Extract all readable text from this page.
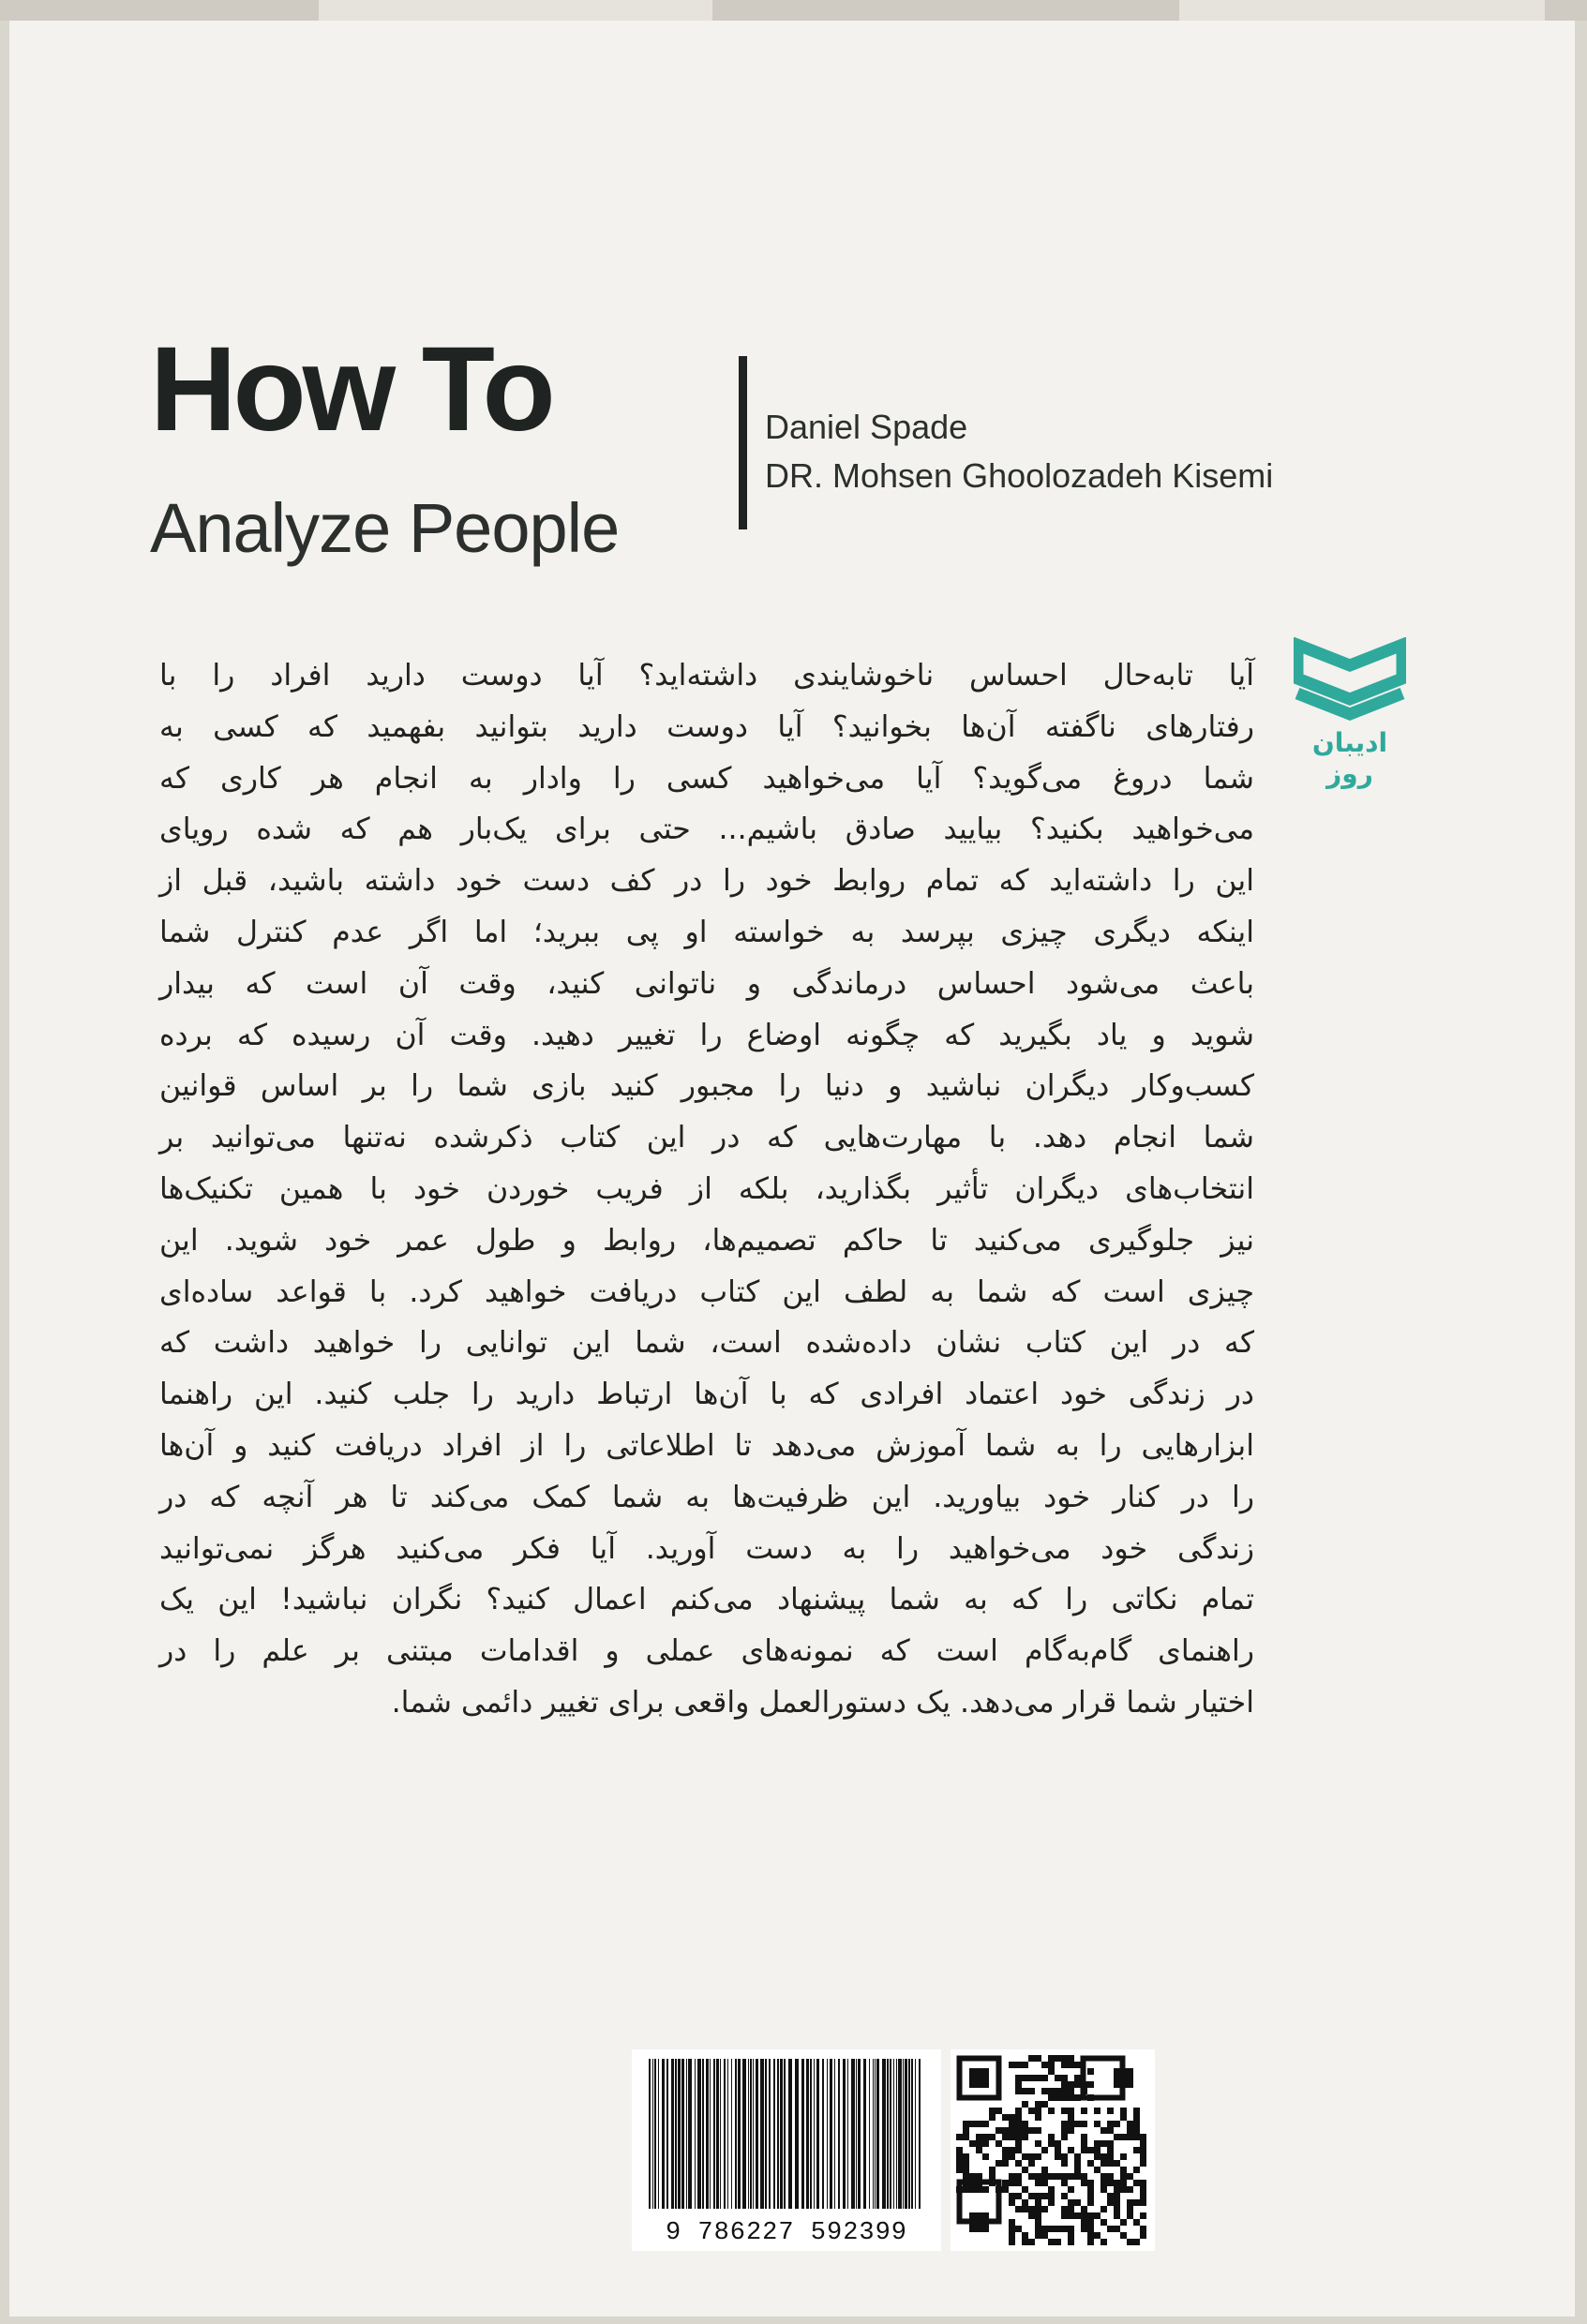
How To
Analyze People

Daniel Spade

DR. Mohsen Ghoolozadeh Kisemi

ادیبان روز
آیا تابه‌حال احساس ناخوشایندی داشته‌اید؟ آیا دوست دارید افراد را با
رفتارهای ناگفته آن‌ها بخوانید؟ آیا دوست دارید بتوانید بفهمید که کسی به
شما دروغ می‌گوید؟ آیا می‌خواهید کسی را وادار به انجام هر کاری که
می‌خواهید بکنید؟ بیایید صادق باشیم... حتی برای یک‌بار هم که شده رویای
این را داشته‌اید که تمام روابط خود را در کف دست خود داشته باشید، قبل از
اینکه دیگری چیزی بپرسد به خواسته او پی ببرید؛ اما اگر عدم کنترل شما
باعث می‌شود احساس درماندگی و ناتوانی کنید، وقت آن است که بیدار
شوید و یاد بگیرید که چگونه اوضاع را تغییر دهید. وقت آن رسیده که برده
کسب‌وکار دیگران نباشید و دنیا را مجبور کنید بازی شما را بر اساس قوانین
شما انجام دهد. با مهارت‌هایی که در این کتاب ذکرشده نه‌تنها می‌توانید بر
انتخاب‌های دیگران تأثیر بگذارید، بلکه از فریب خوردن خود با همین تکنیک‌ها
نیز جلوگیری می‌کنید تا حاکم تصمیم‌ها، روابط و طول عمر خود شوید. این
چیزی است که شما به لطف این کتاب دریافت خواهید کرد. با قواعد ساده‌ای
که در این کتاب نشان داده‌شده است، شما این توانایی را خواهید داشت که
در زندگی خود اعتماد افرادی که با آن‌ها ارتباط دارید را جلب کنید. این راهنما
ابزارهایی را به شما آموزش می‌دهد تا اطلاعاتی را از افراد دریافت کنید و آن‌ها
را در کنار خود بیاورید. این ظرفیت‌ها به شما کمک می‌کند تا هر آنچه که در
زندگی خود می‌خواهید را به دست آورید. آیا فکر می‌کنید هرگز نمی‌توانید
تمام نکاتی را که به شما پیشنهاد می‌کنم اعمال کنید؟ نگران نباشید! این یک
راهنمای گام‌به‌گام است که نمونه‌های عملی و اقدامات مبتنی بر علم را در
اختیار شما قرار می‌دهد. یک دستورالعمل واقعی برای تغییر دائمی شما.
9 786227 592399
